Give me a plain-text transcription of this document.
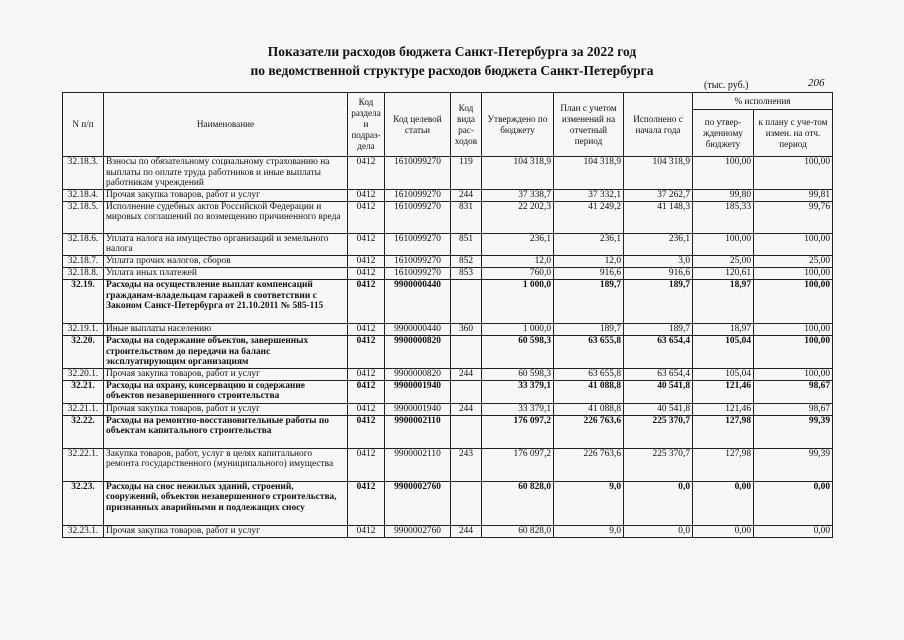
Показатели расходов бюджета Санкт-Петербурга за 2022 год
по ведомственной структуре расходов бюджета Санкт-Петербурга
(тыс. руб.)	206
N п/п	Наименование	Код раздела и подраз-дела	Код целевой статьи	Код вида рас-ходов	Утверждено по бюджету	План с учетом изменений на отчетный период	Исполнено с начала года	% исполнения	
								по утвер-жденному бюджету	к плану с уче-том измен. на отч. период
32.18.3.	Взносы по обязательному социальному страхованию на выплаты по оплате труда работников и иные выплаты работникам учреждений	0412	1610099270	119	104 318,9	104 318,9	104 318,9	100,00	100,00
32.18.4.	Прочая закупка товаров, работ и услуг	0412	1610099270	244	37 338,7	37 332,1	37 262,7	99,80	99,81
32.18.5.	Исполнение судебных актов Российской Федерации и мировых соглашений по возмещению причиненного вреда	0412	1610099270	831	22 202,3	41 249,2	41 148,3	185,33	99,76
32.18.6.	Уплата налога на имущество организаций и земельного налога	0412	1610099270	851	236,1	236,1	236,1	100,00	100,00
32.18.7.	Уплата прочих налогов, сборов	0412	1610099270	852	12,0	12,0	3,0	25,00	25,00
32.18.8.	Уплата иных платежей	0412	1610099270	853	760,0	916,6	916,6	120,61	100,00
32.19.	Расходы на осуществление выплат компенсаций гражданам-владельцам гаражей в соответствии с Законом Санкт-Петербурга от 21.10.2011 № 585-115	0412	9900000440		1 000,0	189,7	189,7	18,97	100,00
32.19.1.	Иные выплаты населению	0412	9900000440	360	1 000,0	189,7	189,7	18,97	100,00
32.20.	Расходы на содержание объектов, завершенных строительством до передачи на баланс эксплуатирующим организациям	0412	9900000820		60 598,3	63 655,8	63 654,4	105,04	100,00
32.20.1.	Прочая закупка товаров, работ и услуг	0412	9900000820	244	60 598,3	63 655,8	63 654,4	105,04	100,00
32.21.	Расходы на охрану, консервацию и содержание объектов незавершенного строительства	0412	9900001940		33 379,1	41 088,8	40 541,8	121,46	98,67
32.21.1.	Прочая закупка товаров, работ и услуг	0412	9900001940	244	33 379,1	41 088,8	40 541,8	121,46	98,67
32.22.	Расходы на ремонтно-восстановительные работы по объектам капитального строительства	0412	9900002110		176 097,2	226 763,6	225 370,7	127,98	99,39
32.22.1.	Закупка товаров, работ, услуг в целях капитального ремонта государственного (муниципального) имущества	0412	9900002110	243	176 097,2	226 763,6	225 370,7	127,98	99,39
32.23.	Расходы на снос нежилых зданий, строений, сооружений, объектов незавершенного строительства, признанных аварийными и подлежащих сносу	0412	9900002760		60 828,0	9,0	0,0	0,00	0,00
32.23.1.	Прочая закупка товаров, работ и услуг	0412	9900002760	244	60 828,0	9,0	0,0	0,00	0,00
